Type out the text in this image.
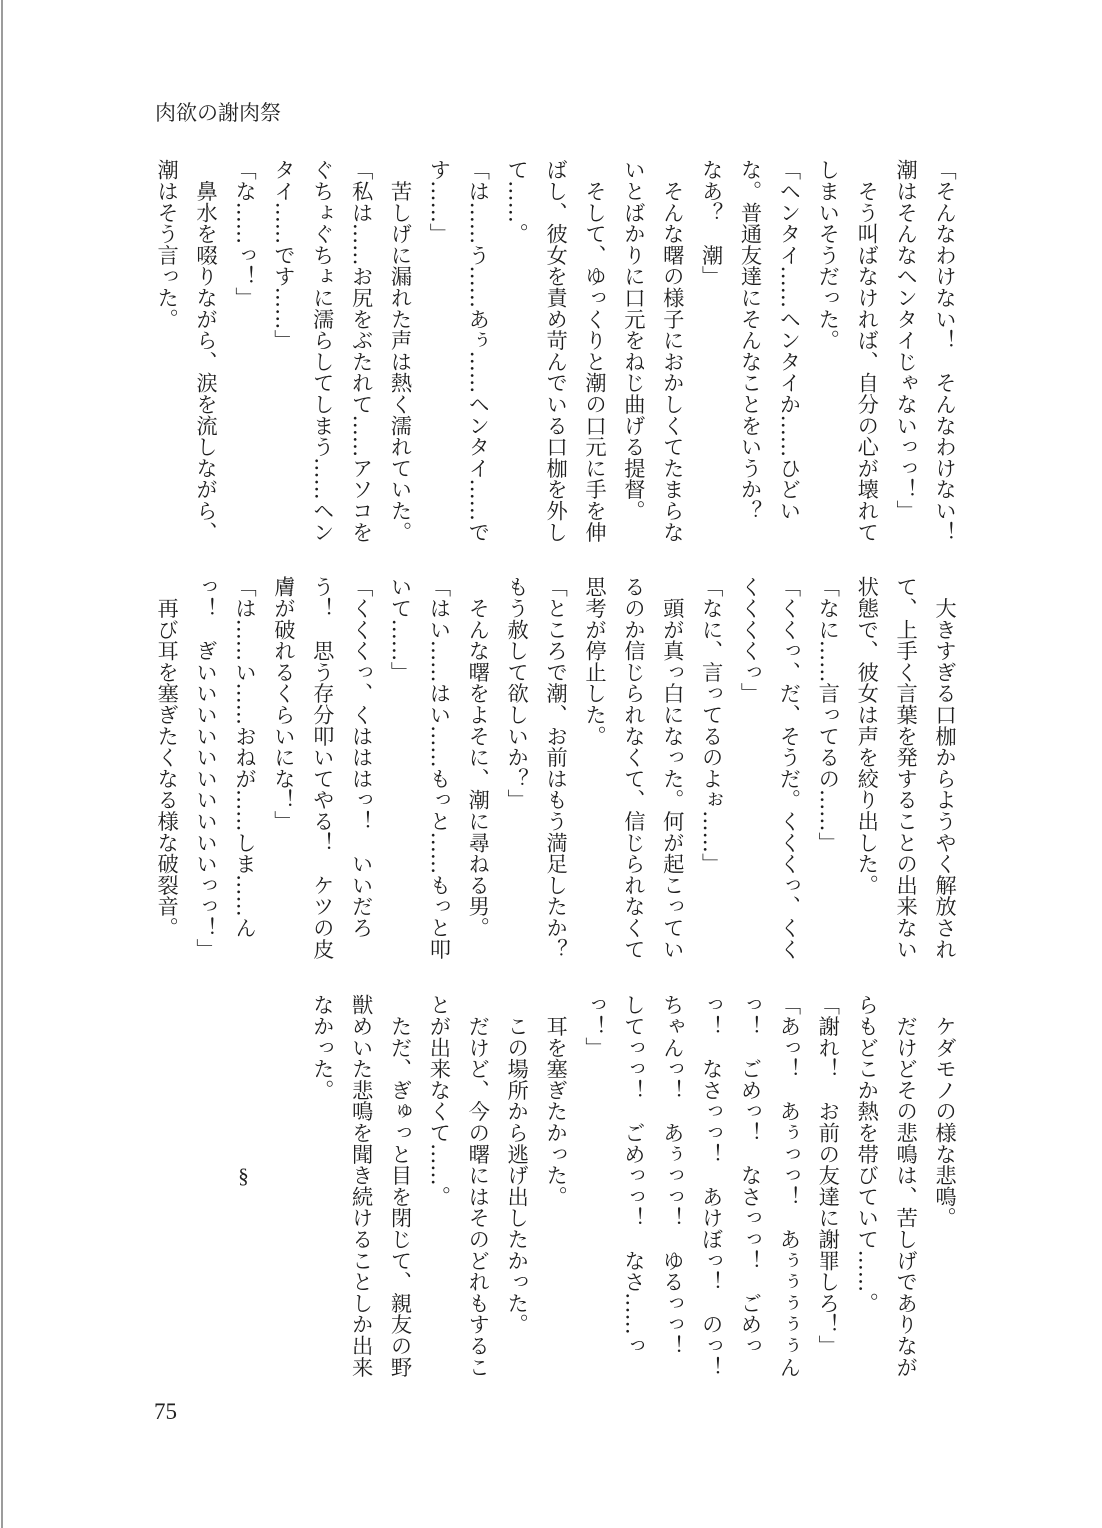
肉欲の謝肉祭
「そんなわけない！　そんなわけない！
潮はそんなヘンタイじゃないっっ！」
　そう叫ばなければ、自分の心が壊れて
しまいそうだった。
「ヘンタイ……ヘンタイか……ひどい
な。普通友達にそんなことをいうか？
なあ？　潮」
　そんな曙の様子におかしくてたまらな
いとばかりに口元をねじ曲げる提督。
　そして、ゆっくりと潮の口元に手を伸
ばし、彼女を責め苛んでいる口枷を外し
て……。
「は……う……あぅ……ヘンタイ……で
す……」
　苦しげに漏れた声は熱く濡れていた。
「私は……お尻をぶたれて……アソコを
ぐちょぐちょに濡らしてしまう……ヘン
タイ……です……」
「な……っ！」
　鼻水を啜りながら、涙を流しながら、
潮はそう言った。
　大きすぎる口枷からようやく解放され
て、上手く言葉を発することの出来ない
状態で、彼女は声を絞り出した。
「なに……言ってるの……」
「くくっ、だ、そうだ。くくくっ、くく
くくくくっ」
「なに、言ってるのよぉ……」
　頭が真っ白になった。何が起こってい
るのか信じられなくて、信じられなくて
思考が停止した。
「ところで潮、お前はもう満足したか？
もう赦して欲しいか？」
　そんな曙をよそに、潮に尋ねる男。
「はい……はい……もっと……もっと叩
いて……」
「くくくっ、くはははっ！　いいだろ
う！　思う存分叩いてやる！　ケツの皮
膚が破れるくらいにな！」
「は……い……おねが……しま……ん
っ！　ぎいいいいいいいいいいっっ！」
　再び耳を塞ぎたくなる様な破裂音。
　ケダモノの様な悲鳴。
　だけどその悲鳴は、苦しげでありなが
らもどこか熱を帯びていて……。
「謝れ！　お前の友達に謝罪しろ！」
「あっ！　あぅっっ！　あぅぅぅぅぅん
っ！　ごめっ！　なさっっ！　ごめっ
っ！　なさっっ！　あけぼっ！　のっ！
ちゃんっ！　あぅっっ！　ゆるっっ！
してっっ！　ごめっっ！　なさ……っ
っ！」
　耳を塞ぎたかった。
　この場所から逃げ出したかった。
　だけど、今の曙にはそのどれもするこ
とが出来なくて……。
　ただ、ぎゅっと目を閉じて、親友の野
獣めいた悲鳴を聞き続けることしか出来
なかった。
§
75
